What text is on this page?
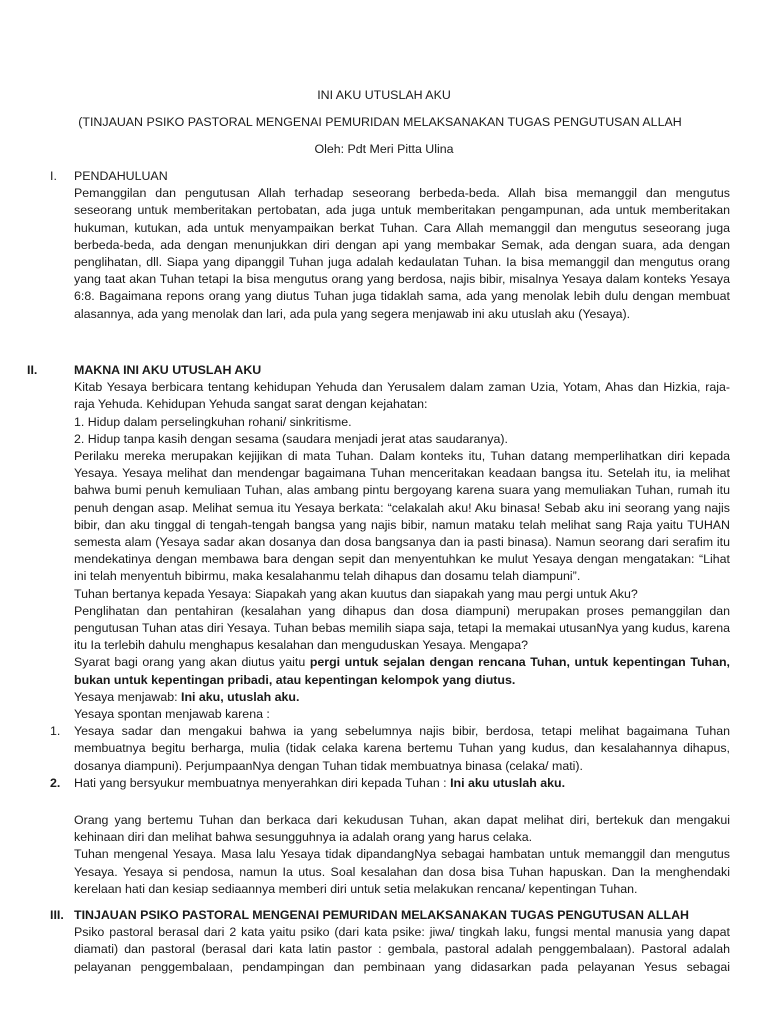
INI AKU UTUSLAH AKU
(TINJAUAN PSIKO PASTORAL MENGENAI PEMURIDAN MELAKSANAKAN TUGAS PENGUTUSAN ALLAH
Oleh: Pdt Meri Pitta Ulina
I. PENDAHULUAN

Pemanggilan dan pengutusan Allah terhadap seseorang berbeda-beda. Allah bisa memanggil dan mengutus seseorang untuk memberitakan pertobatan, ada juga untuk memberitakan pengampunan, ada untuk memberitakan hukuman, kutukan, ada untuk menyampaikan berkat Tuhan. Cara Allah memanggil dan mengutus seseorang juga berbeda-beda, ada dengan menunjukkan diri dengan api yang membakar Semak, ada dengan suara, ada dengan penglihatan, dll. Siapa yang dipanggil Tuhan juga adalah kedaulatan Tuhan. Ia bisa memanggil dan mengutus orang yang taat akan Tuhan tetapi Ia bisa mengutus orang yang berdosa, najis bibir, misalnya Yesaya dalam konteks Yesaya 6:8. Bagaimana repons orang yang diutus Tuhan juga tidaklah sama, ada yang menolak lebih dulu dengan membuat alasannya, ada yang menolak dan lari, ada pula yang segera menjawab ini aku utuslah aku (Yesaya).

II.	MAKNA INI AKU UTUSLAH AKU

Kitab Yesaya berbicara tentang kehidupan Yehuda dan Yerusalem dalam zaman Uzia, Yotam, Ahas dan Hizkia, raja-raja Yehuda. Kehidupan Yehuda sangat sarat dengan kejahatan:

1. Hidup dalam perselingkuhan rohani/ sinkritisme.

2. Hidup tanpa kasih dengan sesama (saudara menjadi jerat atas saudaranya).

Perilaku mereka merupakan kejijikan di mata Tuhan. Dalam konteks itu, Tuhan datang memperlihatkan diri kepada Yesaya. Yesaya melihat dan mendengar bagaimana Tuhan menceritakan keadaan bangsa itu. Setelah itu, ia melihat bahwa bumi penuh kemuliaan Tuhan, alas ambang pintu bergoyang karena suara yang memuliakan Tuhan, rumah itu penuh dengan asap. Melihat semua itu Yesaya berkata: “celakalah aku! Aku binasa! Sebab aku ini seorang yang najis bibir, dan aku tinggal di tengah-tengah bangsa yang najis bibir, namun mataku telah melihat sang Raja yaitu TUHAN semesta alam (Yesaya sadar akan dosanya dan dosa bangsanya dan ia pasti binasa). Namun seorang dari serafim itu mendekatinya dengan membawa bara dengan sepit dan menyentuhkan ke mulut Yesaya dengan mengatakan: “Lihat ini telah menyentuh bibirmu, maka kesalahanmu telah dihapus dan dosamu telah diampuni”.

Tuhan bertanya kepada Yesaya: Siapakah yang akan kuutus dan siapakah yang mau pergi untuk Aku?

Penglihatan dan pentahiran (kesalahan yang dihapus dan dosa diampuni) merupakan proses pemanggilan dan pengutusan Tuhan atas diri Yesaya. Tuhan bebas memilih siapa saja, tetapi Ia memakai utusanNya yang kudus, karena itu Ia terlebih dahulu menghapus kesalahan dan menguduskan Yesaya. Mengapa?

Syarat bagi orang yang akan diutus yaitu pergi untuk sejalan dengan rencana Tuhan, untuk kepentingan Tuhan, bukan untuk kepentingan pribadi, atau kepentingan kelompok yang diutus.

Yesaya menjawab: Ini aku, utuslah aku.

Yesaya spontan menjawab karena :

1. Yesaya sadar dan mengakui bahwa ia yang sebelumnya najis bibir, berdosa, tetapi melihat bagaimana Tuhan membuatnya begitu berharga, mulia (tidak celaka karena bertemu Tuhan yang kudus, dan kesalahannya dihapus, dosanya diampuni). PerjumpaanNya dengan Tuhan tidak membuatnya binasa (celaka/ mati).

2. Hati yang bersyukur membuatnya menyerahkan diri kepada Tuhan : Ini aku utuslah aku.

Orang yang bertemu Tuhan dan berkaca dari kekudusan Tuhan, akan dapat melihat diri, bertekuk dan mengakui kehinaan diri dan melihat bahwa sesungguhnya ia adalah orang yang harus celaka.

Tuhan mengenal Yesaya. Masa lalu Yesaya tidak dipandangNya sebagai hambatan untuk memanggil dan mengutus Yesaya. Yesaya si pendosa, namun Ia utus. Soal kesalahan dan dosa bisa Tuhan hapuskan. Dan Ia menghendaki kerelaan hati dan kesiap sediaannya memberi diri untuk setia melakukan rencana/ kepentingan Tuhan.

III. TINJAUAN PSIKO PASTORAL MENGENAI PEMURIDAN MELAKSANAKAN TUGAS PENGUTUSAN ALLAH

Psiko pastoral berasal dari 2 kata yaitu psiko (dari kata psike: jiwa/ tingkah laku, fungsi mental manusia yang dapat diamati) dan pastoral (berasal dari kata latin pastor : gembala, pastoral adalah penggembalaan). Pastoral adalah pelayanan penggembalaan, pendampingan dan pembinaan yang didasarkan pada pelayanan Yesus sebagai
